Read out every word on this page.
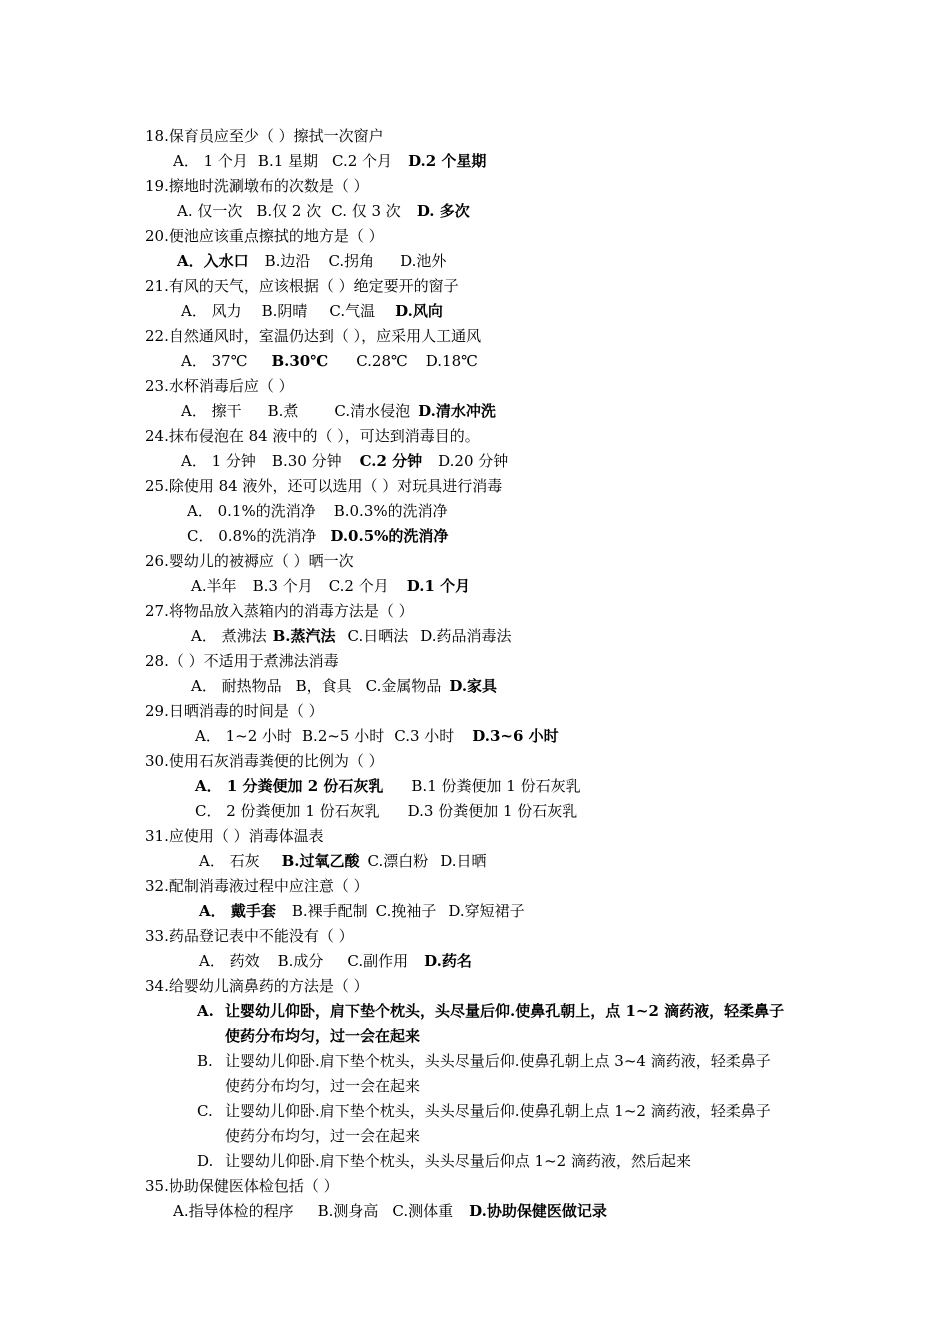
18.保育员应至少（ ）擦拭一次窗户
A． 1 个月 B.1 星期 C.2 个月 D.2 个星期
19.擦地时洗涮墩布的次数是（ ）
A. 仅一次 B.仅 2 次 C. 仅 3 次 D. 多次
20.便池应该重点擦拭的地方是（ ）
A．入水口 B.边沿 C.拐角 D.池外
21.有风的天气，应该根据（ ）绝定要开的窗子
A． 风力 B.阴晴 C.气温 D.风向
22.自然通风时，室温仍达到（ ），应采用人工通风
A． 37℃ B.30℃ C.28℃ D.18℃
23.水杯消毒后应（ ）
A． 擦干 B.煮 C.清水侵泡 D.清水冲洗
24.抹布侵泡在 84 液中的（ ），可达到消毒目的。
A． 1 分钟 B.30 分钟 C.2 分钟 D.20 分钟
25.除使用 84 液外，还可以选用（ ）对玩具进行消毒
A． 0.1%的洗消净 B.0.3%的洗消净
C． 0.8%的洗消净 D.0.5%的洗消净
26.婴幼儿的被褥应（ ）晒一次
A.半年 B.3 个月 C.2 个月 D.1 个月
27.将物品放入蒸箱内的消毒方法是（ ）
A． 煮沸法 B.蒸汽法 C.日晒法 D.药品消毒法
28.（ ）不适用于煮沸法消毒
A． 耐热物品 B，食具 C.金属物品 D.家具
29.日晒消毒的时间是（ ）
A． 1~2 小时 B.2~5 小时 C.3 小时 D.3~6 小时
30.使用石灰消毒粪便的比例为（ ）
A． 1 分粪便加 2 份石灰乳 B.1 份粪便加 1 份石灰乳
C． 2 份粪便加 1 份石灰乳 D.3 份粪便加 1 份石灰乳
31.应使用（ ）消毒体温表
A． 石灰 B.过氧乙酸 C.漂白粉 D.日晒
32.配制消毒液过程中应注意（ ）
A． 戴手套 B.裸手配制 C.挽袖子 D.穿短裙子
33.药品登记表中不能没有（ ）
A． 药效 B.成分 C.副作用 D.药名
34.给婴幼儿滴鼻药的方法是（ ）
A. 让婴幼儿仰卧，肩下垫个枕头，头尽量后仰.使鼻孔朝上，点 1~2 滴药液，轻柔鼻子
使药分布均匀，过一会在起来
B. 让婴幼儿仰卧.肩下垫个枕头，头头尽量后仰.使鼻孔朝上点 3~4 滴药液，轻柔鼻子
使药分布均匀，过一会在起来
C. 让婴幼儿仰卧.肩下垫个枕头，头头尽量后仰.使鼻孔朝上点 1~2 滴药液，轻柔鼻子
使药分布均匀，过一会在起来
D. 让婴幼儿仰卧.肩下垫个枕头，头头尽量后仰点 1~2 滴药液，然后起来
35.协助保健医体检包括（ ）
A.指导体检的程序 B.测身高 C.测体重 D.协助保健医做记录
